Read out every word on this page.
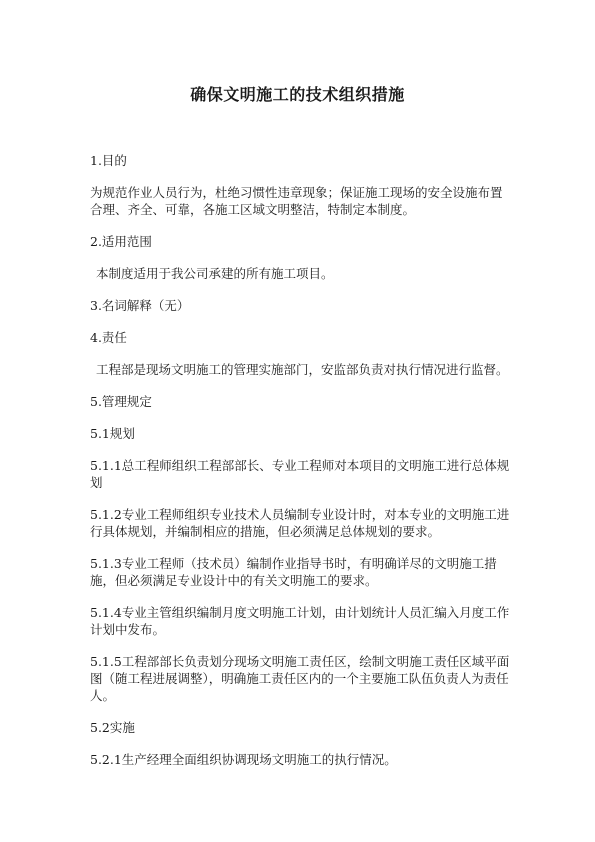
确保文明施工的技术组织措施

1.目的

为规范作业人员行为，杜绝习惯性违章现象；保证施工现场的安全设施布置合理、齐全、可靠，各施工区域文明整洁，特制定本制度。

2.适用范围

本制度适用于我公司承建的所有施工项目。

3.名词解释（无）

4.责任

工程部是现场文明施工的管理实施部门，安监部负责对执行情况进行监督。

5.管理规定

5.1规划

5.1.1总工程师组织工程部部长、专业工程师对本项目的文明施工进行总体规划

5.1.2专业工程师组织专业技术人员编制专业设计时，对本专业的文明施工进行具体规划，并编制相应的措施，但必须满足总体规划的要求。

5.1.3专业工程师（技术员）编制作业指导书时，有明确详尽的文明施工措施，但必须满足专业设计中的有关文明施工的要求。

5.1.4专业主管组织编制月度文明施工计划，由计划统计人员汇编入月度工作计划中发布。

5.1.5工程部部长负责划分现场文明施工责任区，绘制文明施工责任区域平面图（随工程进展调整），明确施工责任区内的一个主要施工队伍负责人为责任人。

5.2实施

5.2.1生产经理全面组织协调现场文明施工的执行情况。
